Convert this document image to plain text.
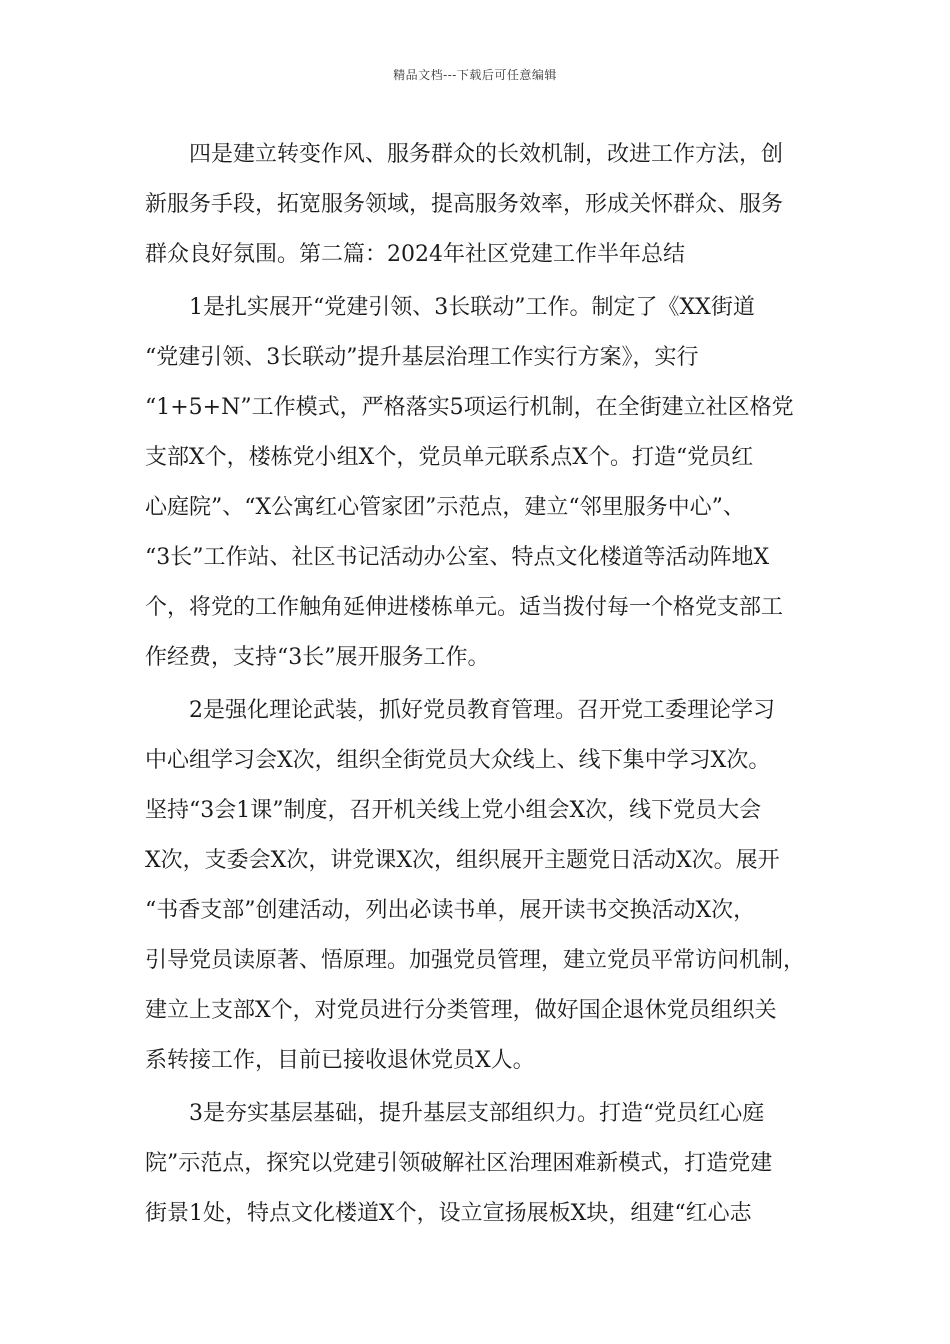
精品文档---下载后可任意编辑
　　四是建立转变作风、服务群众的长效机制，改进工作方法，创
新服务手段，拓宽服务领域，提高服务效率，形成关怀群众、服务
群众良好氛围。第二篇：2024年社区党建工作半年总结
　　1是扎实展开“党建引领、3长联动”工作。制定了《XX街道
“党建引领、3长联动”提升基层治理工作实行方案》，实行
“1+5+N”工作模式，严格落实5项运行机制，在全街建立社区格党
支部X个，楼栋党小组X个，党员单元联系点X个。打造“党员红
心庭院”、“X公寓红心管家团”示范点，建立“邻里服务中心”、
“3长”工作站、社区书记活动办公室、特点文化楼道等活动阵地X
个，将党的工作触角延伸进楼栋单元。适当拨付每一个格党支部工
作经费，支持“3长”展开服务工作。
　　2是强化理论武装，抓好党员教育管理。召开党工委理论学习
中心组学习会X次，组织全街党员大众线上、线下集中学习X次。
坚持“3会1课”制度，召开机关线上党小组会X次，线下党员大会
X次，支委会X次，讲党课X次，组织展开主题党日活动X次。展开
“书香支部”创建活动，列出必读书单，展开读书交换活动X次，
引导党员读原著、悟原理。加强党员管理，建立党员平常访问机制，
建立上支部X个，对党员进行分类管理，做好国企退休党员组织关
系转接工作，目前已接收退休党员X人。
　　3是夯实基层基础，提升基层支部组织力。打造“党员红心庭
院”示范点，探究以党建引领破解社区治理困难新模式，打造党建
街景1处，特点文化楼道X个，设立宣扬展板X块，组建“红心志
